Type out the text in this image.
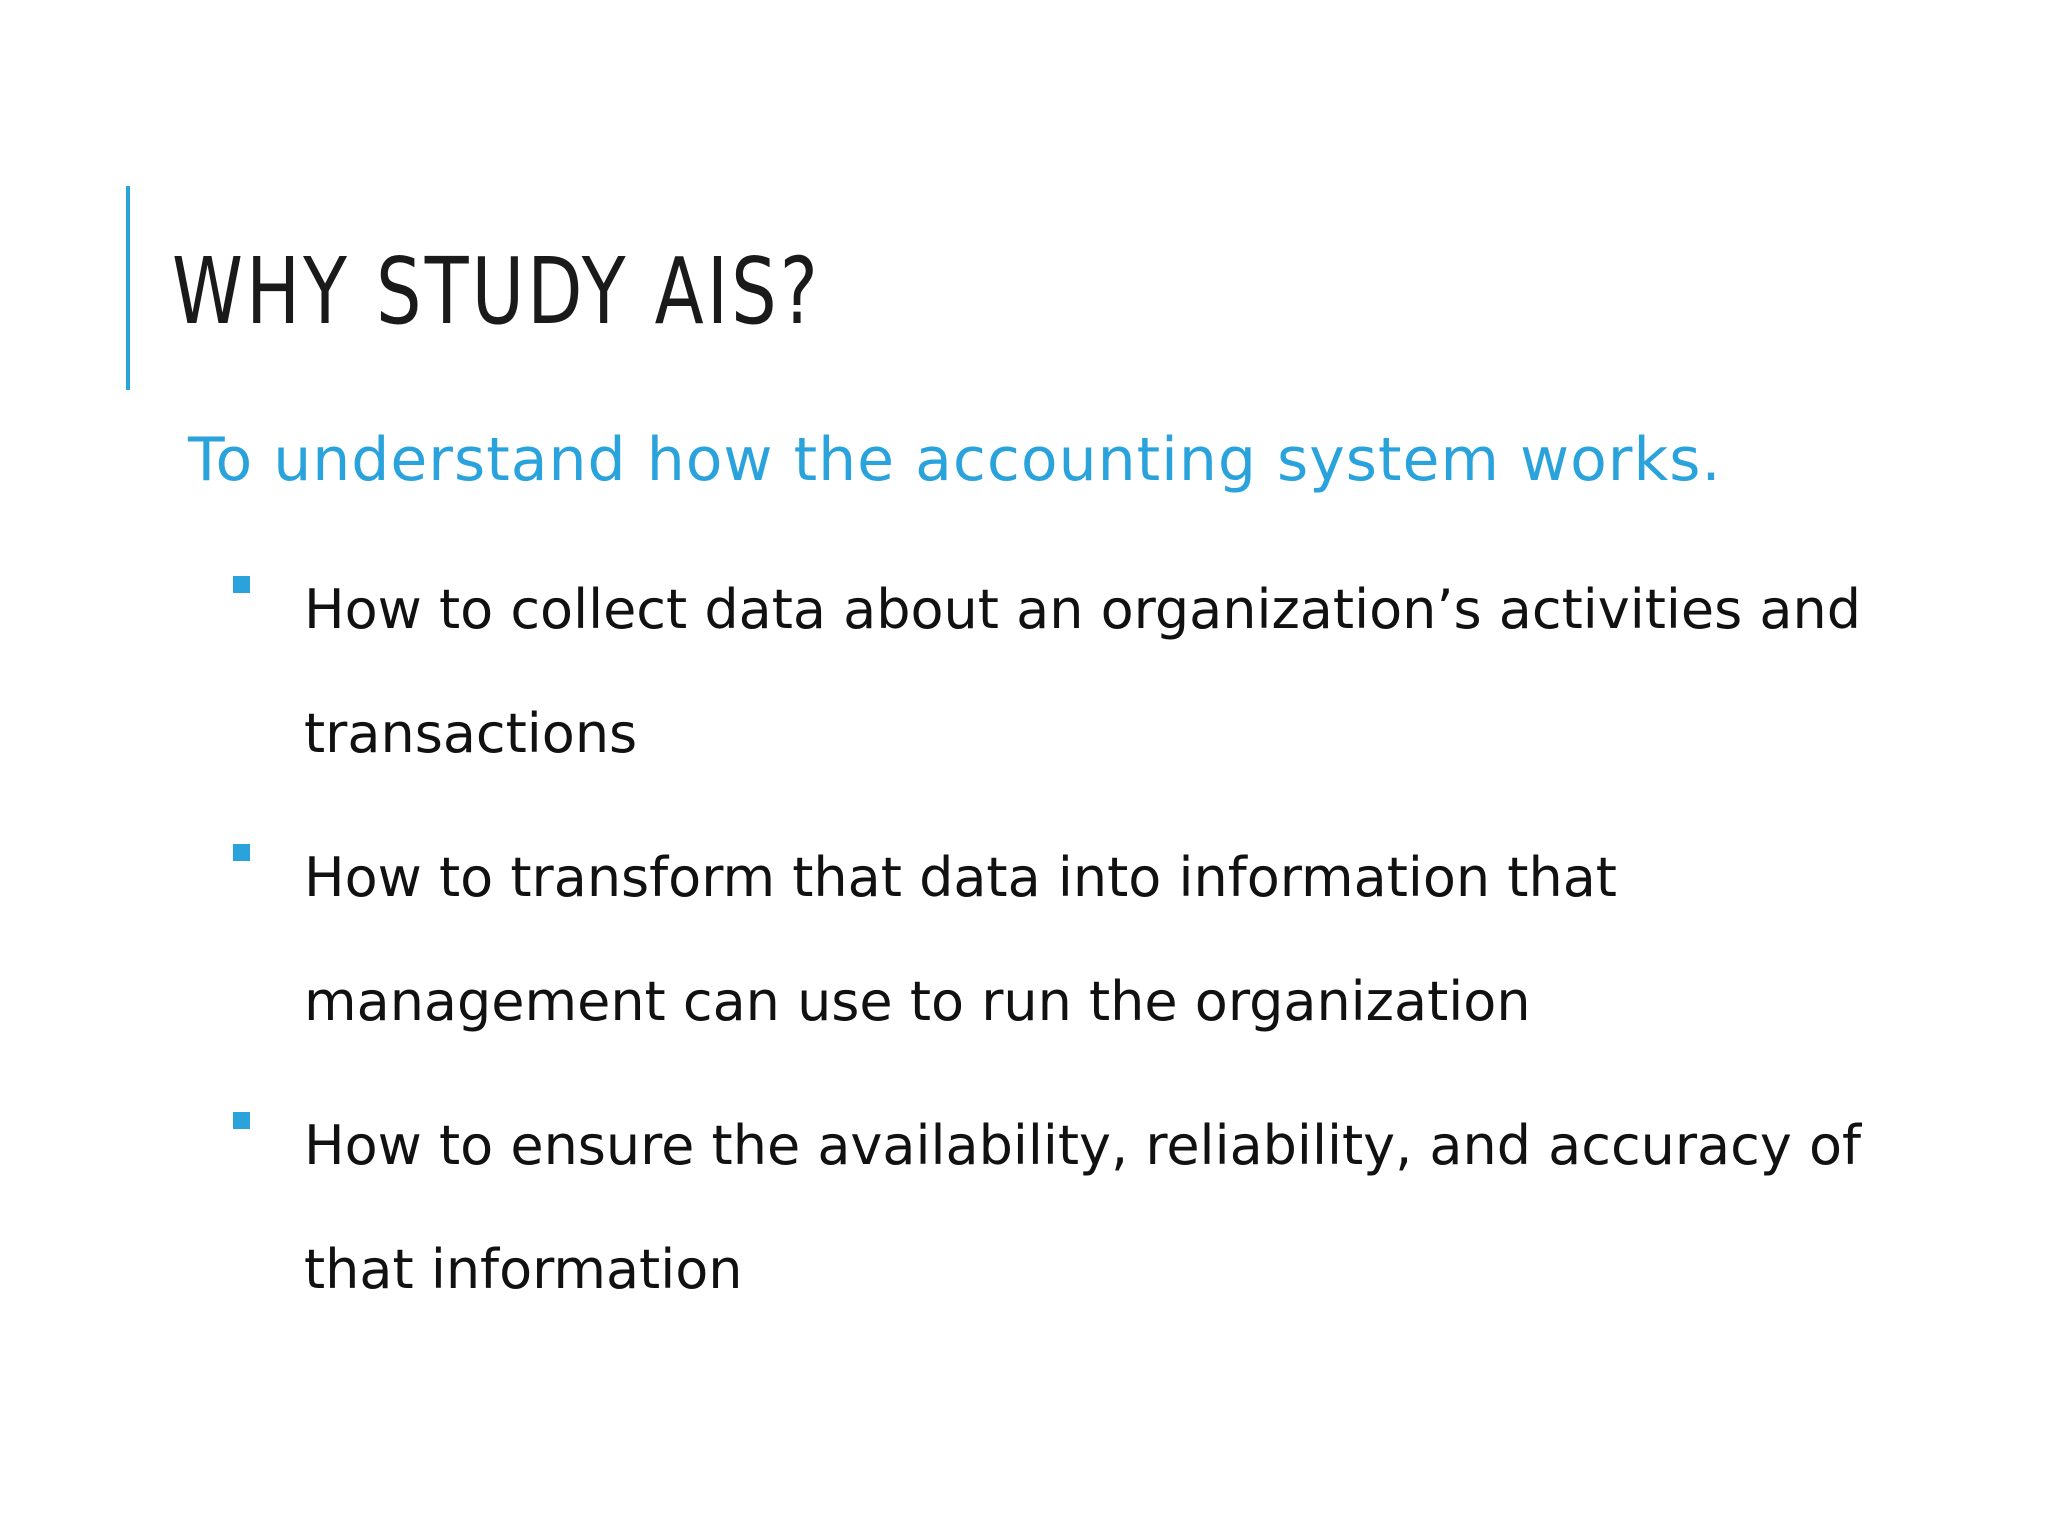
WHY STUDY AIS?

To understand how the accounting system works.

How to collect data about an organization’s activities and transactions
How to transform that data into information that management can use to run the organization
How to ensure the availability, reliability, and accuracy of that information
